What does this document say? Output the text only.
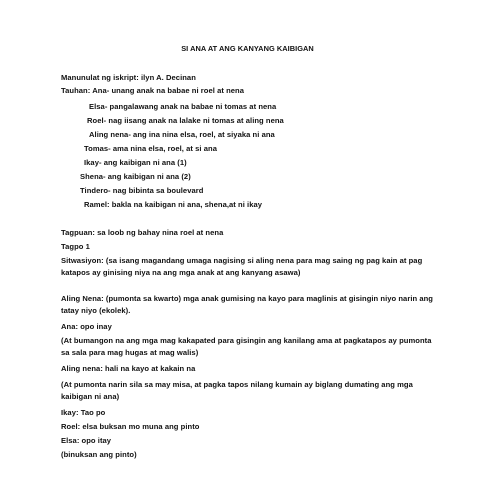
SI ANA AT ANG KANYANG KAIBIGAN
Manunulat ng iskript: ilyn A. Decinan
Tauhan: Ana- unang anak na babae ni roel at nena
Elsa- pangalawang anak na babae ni tomas at nena
Roel- nag iisang anak na lalake ni tomas at aling nena
Aling nena- ang ina nina elsa, roel, at siyaka ni ana
Tomas- ama nina elsa, roel, at si ana
Ikay- ang kaibigan ni ana (1)
Shena- ang kaibigan ni ana (2)
Tindero- nag bibinta sa boulevard
Ramel: bakla na kaibigan ni ana, shena,at ni ikay
Tagpuan: sa loob ng bahay nina roel at nena
Tagpo 1
Sitwasiyon: (sa isang magandang umaga nagising si aling nena para mag saing ng pag kain at pag
katapos ay ginising niya na ang mga anak at ang kanyang asawa)
Aling Nena: (pumonta sa kwarto) mga anak gumising na kayo para maglinis at gisingin niyo narin ang
tatay niyo (ekolek).
Ana: opo inay
(At bumangon na ang mga mag kakapated para gisingin ang kanilang ama at pagkatapos ay pumonta
sa sala para mag hugas at mag walis)
Aling nena: hali na kayo at kakain na
(At pumonta narin sila sa may misa, at pagka tapos nilang kumain ay biglang dumating ang mga
kaibigan ni ana)
Ikay: Tao po
Roel: elsa buksan mo muna ang pinto
Elsa: opo itay
(binuksan ang pinto)
